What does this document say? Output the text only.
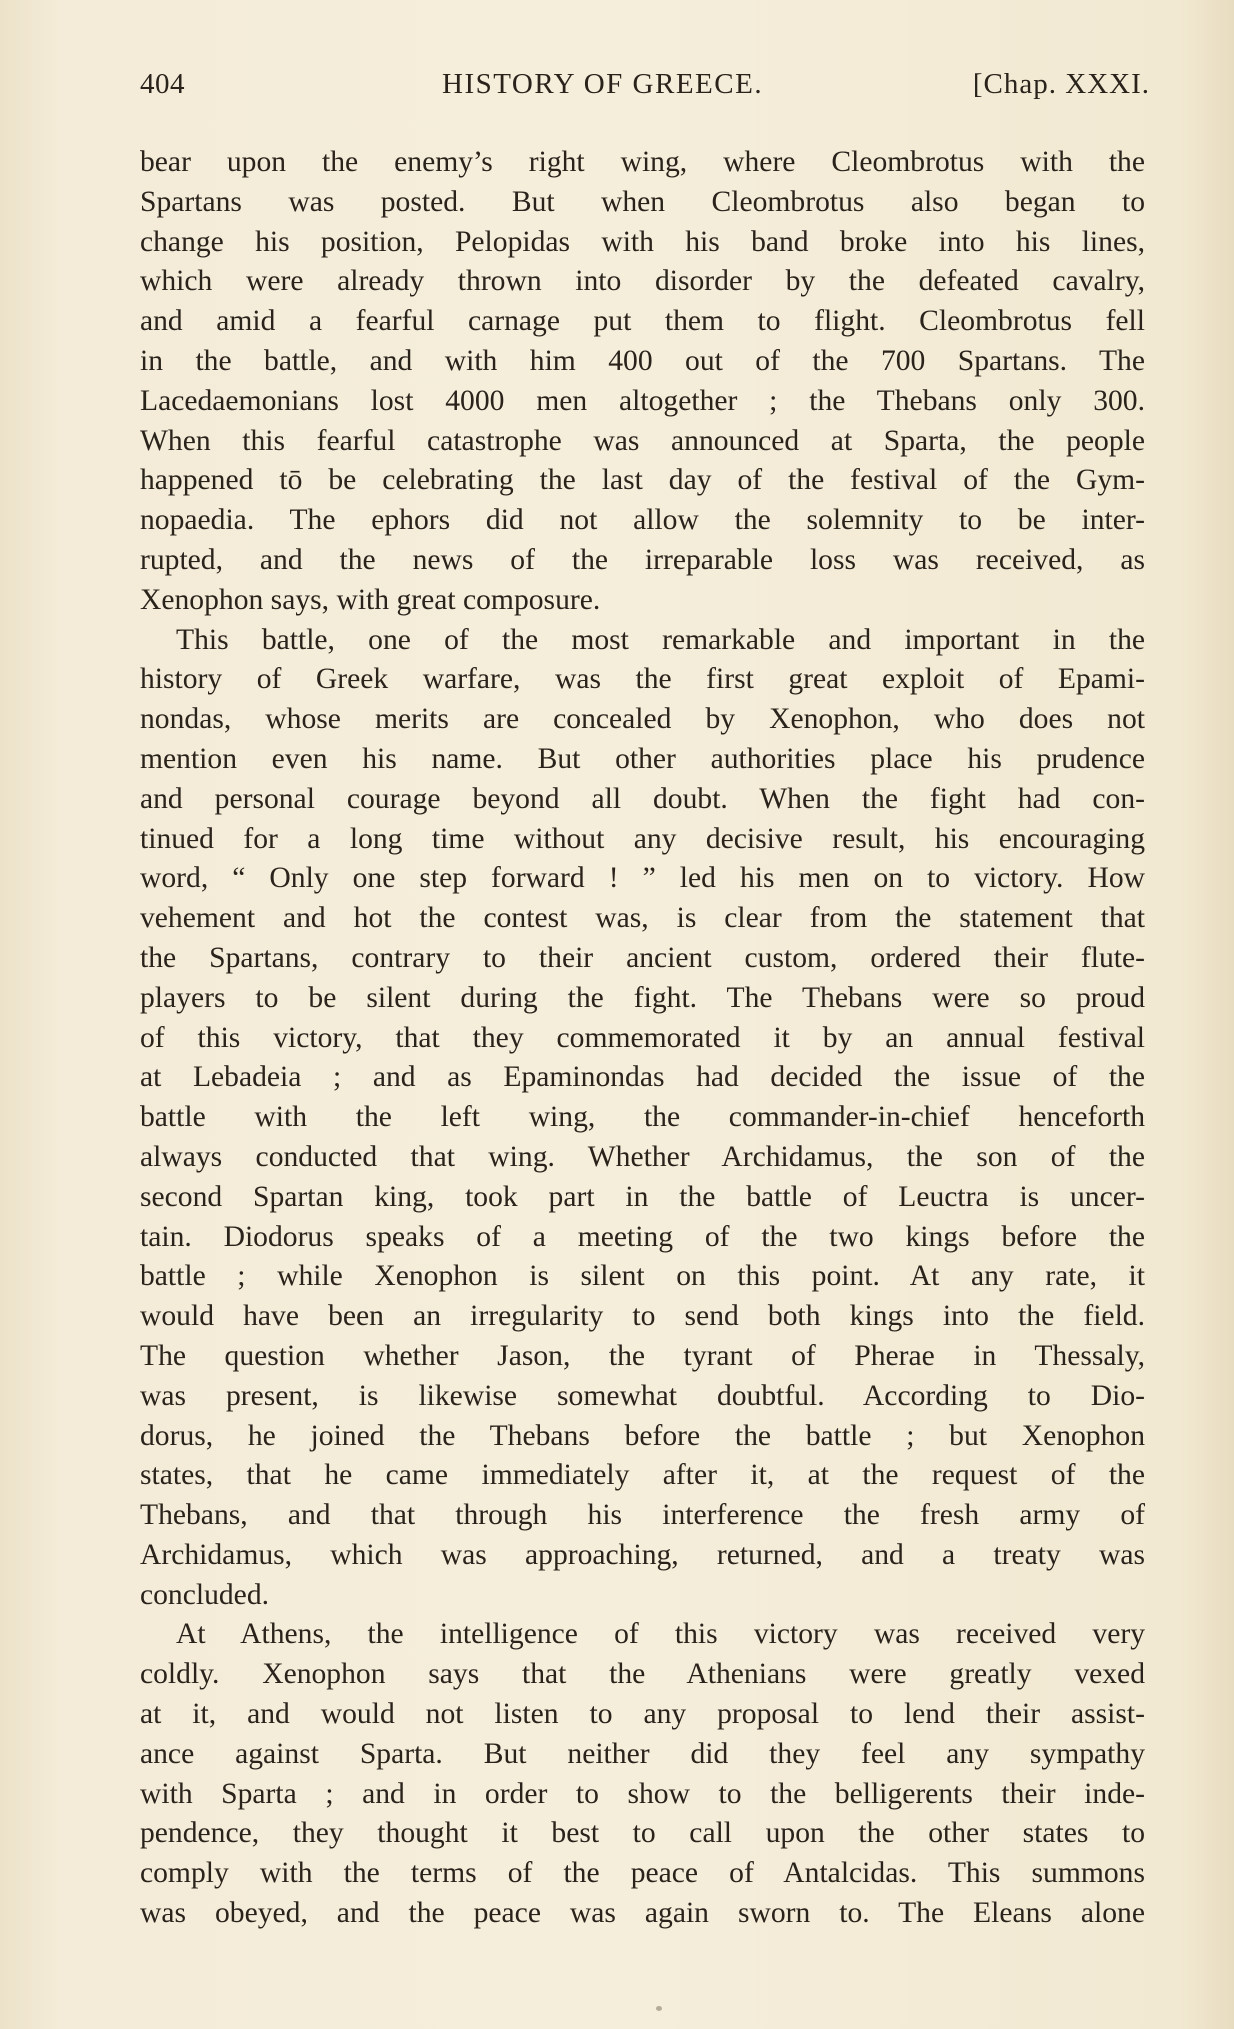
404	HISTORY OF GREECE.	[Chap. XXXI.

bear upon the enemy’s right wing, where Cleombrotus with the

Spartans was posted. But when Cleombrotus also began to

change his position, Pelopidas with his band broke into his lines,

which were already thrown into disorder by the defeated cavalry,

and amid a fearful carnage put them to flight. Cleombrotus fell

in the battle, and with him 400 out of the 700 Spartans. The

Lacedaemonians lost 4000 men altogether ; the Thebans only 300.

When this fearful catastrophe was announced at Sparta, the people

happened tō be celebrating the last day of the festival of the Gym-

nopaedia. The ephors did not allow the solemnity to be inter-

rupted, and the news of the irreparable loss was received, as

Xenophon says, with great composure.

This battle, one of the most remarkable and important in the

history of Greek warfare, was the first great exploit of Epami-

nondas, whose merits are concealed by Xenophon, who does not

mention even his name. But other authorities place his prudence

and personal courage beyond all doubt. When the fight had con-

tinued for a long time without any decisive result, his encouraging

word, “ Only one step forward ! ” led his men on to victory. How

vehement and hot the contest was, is clear from the statement that

the Spartans, contrary to their ancient custom, ordered their flute-

players to be silent during the fight. The Thebans were so proud

of this victory, that they commemorated it by an annual festival

at Lebadeia ; and as Epaminondas had decided the issue of the

battle with the left wing, the commander-in-chief henceforth

always conducted that wing. Whether Archidamus, the son of the

second Spartan king, took part in the battle of Leuctra is uncer-

tain. Diodorus speaks of a meeting of the two kings before the

battle ; while Xenophon is silent on this point. At any rate, it

would have been an irregularity to send both kings into the field.

The question whether Jason, the tyrant of Pherae in Thessaly,

was present, is likewise somewhat doubtful. According to Dio-

dorus, he joined the Thebans before the battle ; but Xenophon

states, that he came immediately after it, at the request of the

Thebans, and that through his interference the fresh army of

Archidamus, which was approaching, returned, and a treaty was

concluded.

At Athens, the intelligence of this victory was received very

coldly. Xenophon says that the Athenians were greatly vexed

at it, and would not listen to any proposal to lend their assist-

ance against Sparta. But neither did they feel any sympathy

with Sparta ; and in order to show to the belligerents their inde-

pendence, they thought it best to call upon the other states to

comply with the terms of the peace of Antalcidas. This summons

was obeyed, and the peace was again sworn to. The Eleans alone
